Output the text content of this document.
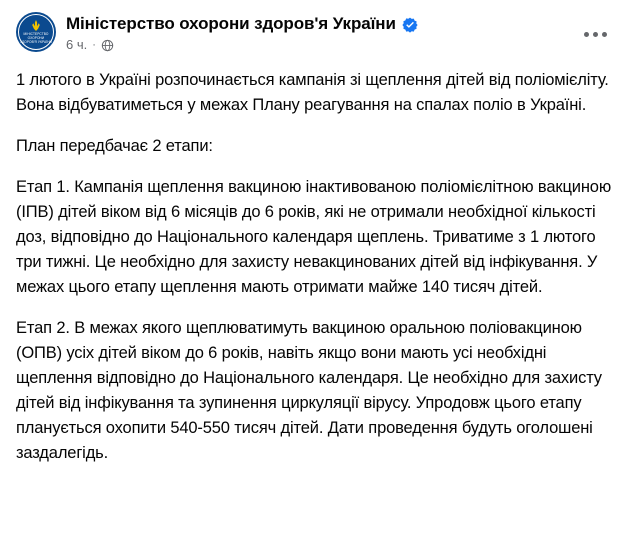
МІНІСТЕРСТВО ОХОРОНИ ЗДОРОВ'Я УКРАЇНИ
Міністерство охорони здоров'я України
6 ч. ·

1 лютого в Україні розпочинається кампанія зі щеплення дітей від поліомієліту. Вона відбуватиметься у межах Плану реагування на спалах поліо в Україні.

План передбачає 2 етапи:

Етап 1. Кампанія щеплення вакциною інактивованою поліомієлітною вакциною (ІПВ) дітей віком від 6 місяців до 6 років, які не отримали необхідної кількості доз, відповідно до Національного календаря щеплень. Триватиме з 1 лютого три тижні. Це необхідно для захисту невакцинованих дітей від інфікування. У межах цього етапу щеплення мають отримати майже 140 тисяч дітей.

Етап 2. В межах якого щеплюватимуть вакциною оральною поліовакциною (ОПВ) усіх дітей віком до 6 років, навіть якщо вони мають усі необхідні щеплення відповідно до Національного календаря. Це необхідно для захисту дітей від інфікування та зупинення циркуляції вірусу. Упродовж цього етапу планується охопити 540-550 тисяч дітей. Дати проведення будуть оголошені заздалегідь.
